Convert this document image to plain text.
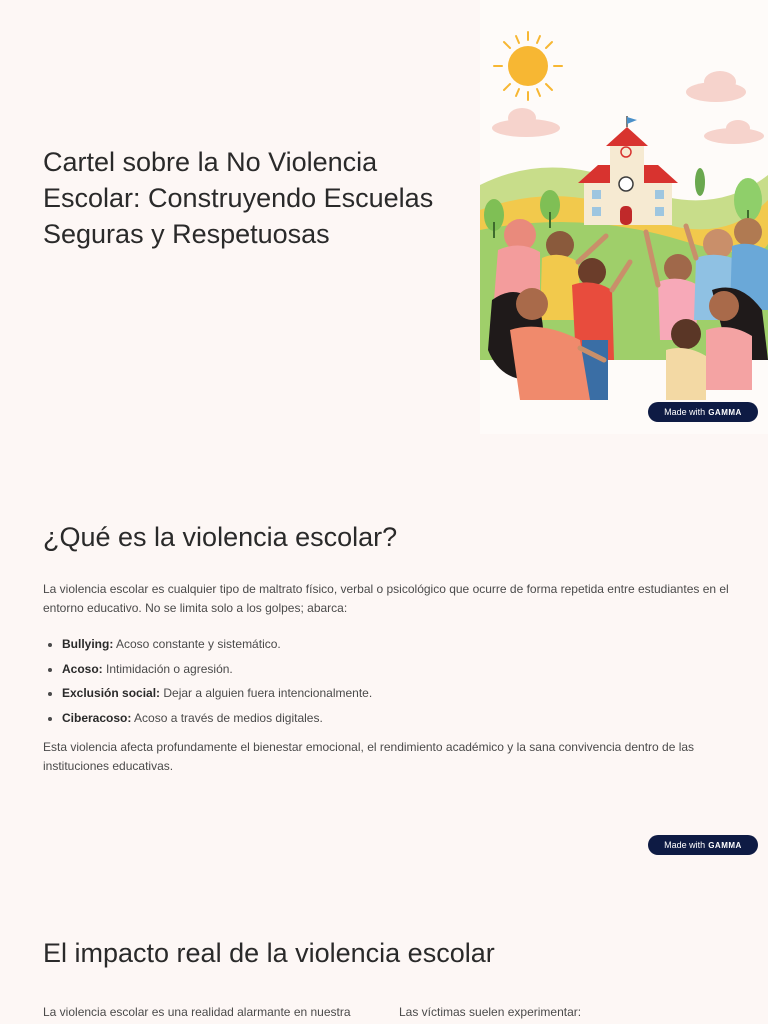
Cartel sobre la No Violencia Escolar: Construyendo Escuelas Seguras y Respetuosas
Made with GAMMA
¿Qué es la violencia escolar?

La violencia escolar es cualquier tipo de maltrato físico, verbal o psicológico que ocurre de forma repetida entre estudiantes en el entorno educativo. No se limita solo a los golpes; abarca:

• Bullying: Acoso constante y sistemático.
• Acoso: Intimidación o agresión.
• Exclusión social: Dejar a alguien fuera intencionalmente.
• Ciberacoso: Acoso a través de medios digitales.

Esta violencia afecta profundamente el bienestar emocional, el rendimiento académico y la sana convivencia dentro de las instituciones educativas.

Made with GAMMA
El impacto real de la violencia escolar

La violencia escolar es una realidad alarmante en nuestra	Las víctimas suelen experimentar:
